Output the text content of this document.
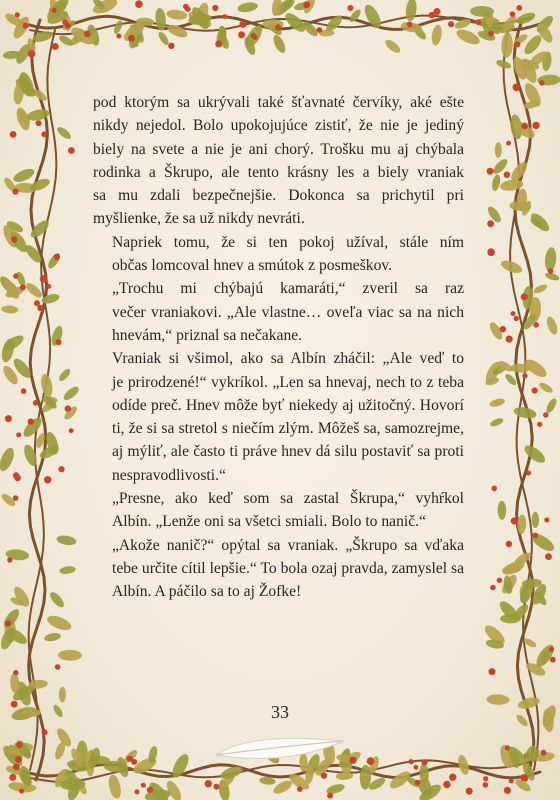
pod ktorým sa ukrývali také šťavnaté červíky, aké ešte
nikdy nejedol. Bolo upokojujúce zistiť, že nie je jediný
biely na svete a nie je ani chorý. Trošku mu aj chýbala
rodinka a Škrupo, ale tento krásny les a biely vraniak
sa mu zdali bezpečnejšie. Dokonca sa prichytil pri
myšlienke, že sa už nikdy nevráti.

Napriek tomu, že si ten pokoj užíval, stále ním
občas lomcoval hnev a smútok z posmeškov.

„Trochu mi chýbajú kamaráti,“ zveril sa raz
večer vraniakovi. „Ale vlastne… oveľa viac sa na nich
hnevám,“ priznal sa nečakane.

Vraniak si všimol, ako sa Albín zháčil: „Ale veď to
je prirodzené!“ vykríkol. „Len sa hnevaj, nech to z teba
odíde preč. Hnev môže byť niekedy aj užitočný. Hovorí
ti, že si sa stretol s niečím zlým. Môžeš sa, samozrejme,
aj mýliť, ale často ti práve hnev dá silu postaviť sa proti
nespravodlivosti.“

„Presne, ako keď som sa zastal Škrupa,“ vyhŕkol
Albín. „Lenže oni sa všetci smiali. Bolo to nanič.“

„Akože nanič?“ opýtal sa vraniak. „Škrupo sa vďaka
tebe určite cítil lepšie.“ To bola ozaj pravda, zamyslel sa
Albín. A páčilo sa to aj Žofke!

33
